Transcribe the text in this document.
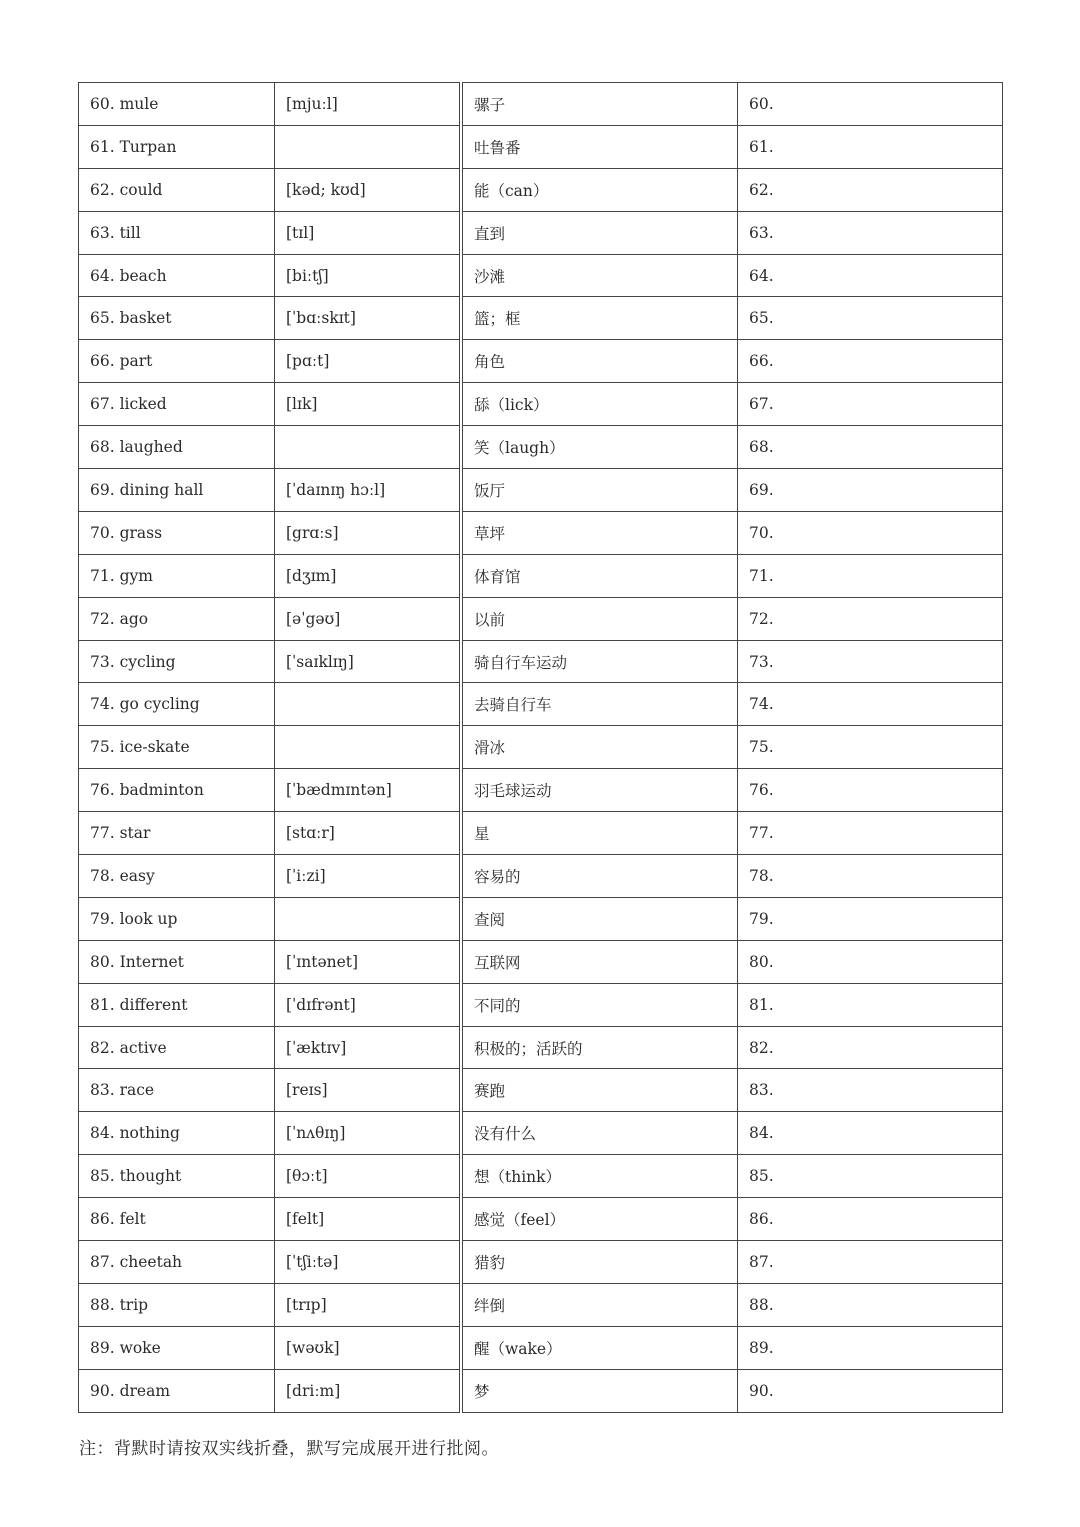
60. mule	[mjuːl]	骡子	60.
61. Turpan		吐鲁番	61.
62. could	[kəd; kʊd]	能（can）	62.
63. till	[tɪl]	直到	63.
64. beach	[biːtʃ]	沙滩	64.
65. basket	[ˈbɑːskɪt]	篮；框	65.
66. part	[pɑːt]	角色	66.
67. licked	[lɪk]	舔（lick）	67.
68. laughed		笑（laugh）	68.
69. dining hall	[ˈdaɪnɪŋ hɔːl]	饭厅	69.
70. grass	[grɑːs]	草坪	70.
71. gym	[dʒɪm]	体育馆	71.
72. ago	[əˈgəʊ]	以前	72.
73. cycling	[ˈsaɪklɪŋ]	骑自行车运动	73.
74. go cycling		去骑自行车	74.
75. ice-skate		滑冰	75.
76. badminton	[ˈbædmɪntən]	羽毛球运动	76.
77. star	[stɑːr]	星	77.
78. easy	[ˈiːzi]	容易的	78.
79. look up		查阅	79.
80. Internet	[ˈɪntənet]	互联网	80.
81. different	[ˈdɪfrənt]	不同的	81.
82. active	[ˈæktɪv]	积极的；活跃的	82.
83. race	[reɪs]	赛跑	83.
84. nothing	[ˈnʌθɪŋ]	没有什么	84.
85. thought	[θɔːt]	想（think）	85.
86. felt	[felt]	感觉（feel）	86.
87. cheetah	[ˈtʃiːtə]	猎豹	87.
88. trip	[trɪp]	绊倒	88.
89. woke	[wəʊk]	醒（wake）	89.
90. dream	[driːm]	梦	90.
注：背默时请按双实线折叠，默写完成展开进行批阅。
